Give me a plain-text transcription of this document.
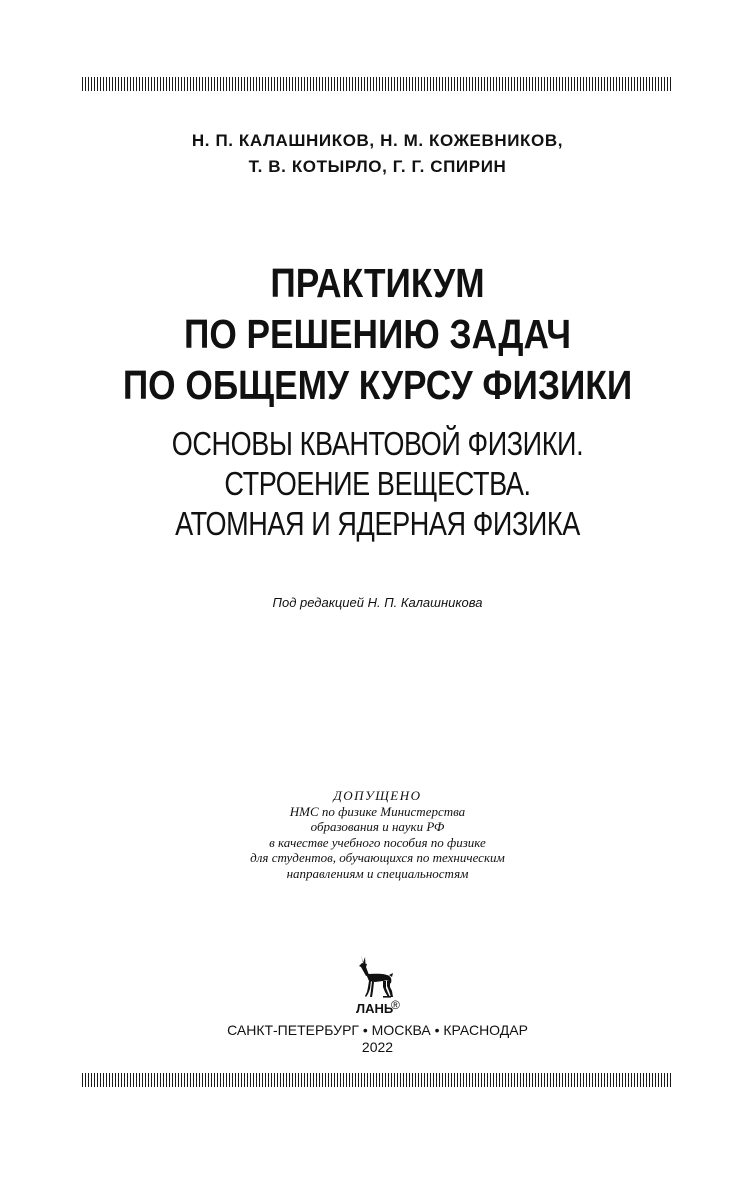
Н. П. КАЛАШНИКОВ, Н. М. КОЖЕВНИКОВ,
Т. В. КОТЫРЛО, Г. Г. СПИРИН
ПРАКТИКУМ
ПО РЕШЕНИЮ ЗАДАЧ
ПО ОБЩЕМУ КУРСУ ФИЗИКИ
ОСНОВЫ КВАНТОВОЙ ФИЗИКИ.
СТРОЕНИЕ ВЕЩЕСТВА.
АТОМНАЯ И ЯДЕРНАЯ ФИЗИКА
Под редакцией Н. П. Калашникова
ДОПУЩЕНО
НМС по физике Министерства
образования и науки РФ
в качестве учебного пособия по физике
для студентов, обучающихся по техническим
направлениям и специальностям
ЛАНЬ
®
САНКТ-ПЕТЕРБУРГ • МОСКВА • КРАСНОДАР
2022
